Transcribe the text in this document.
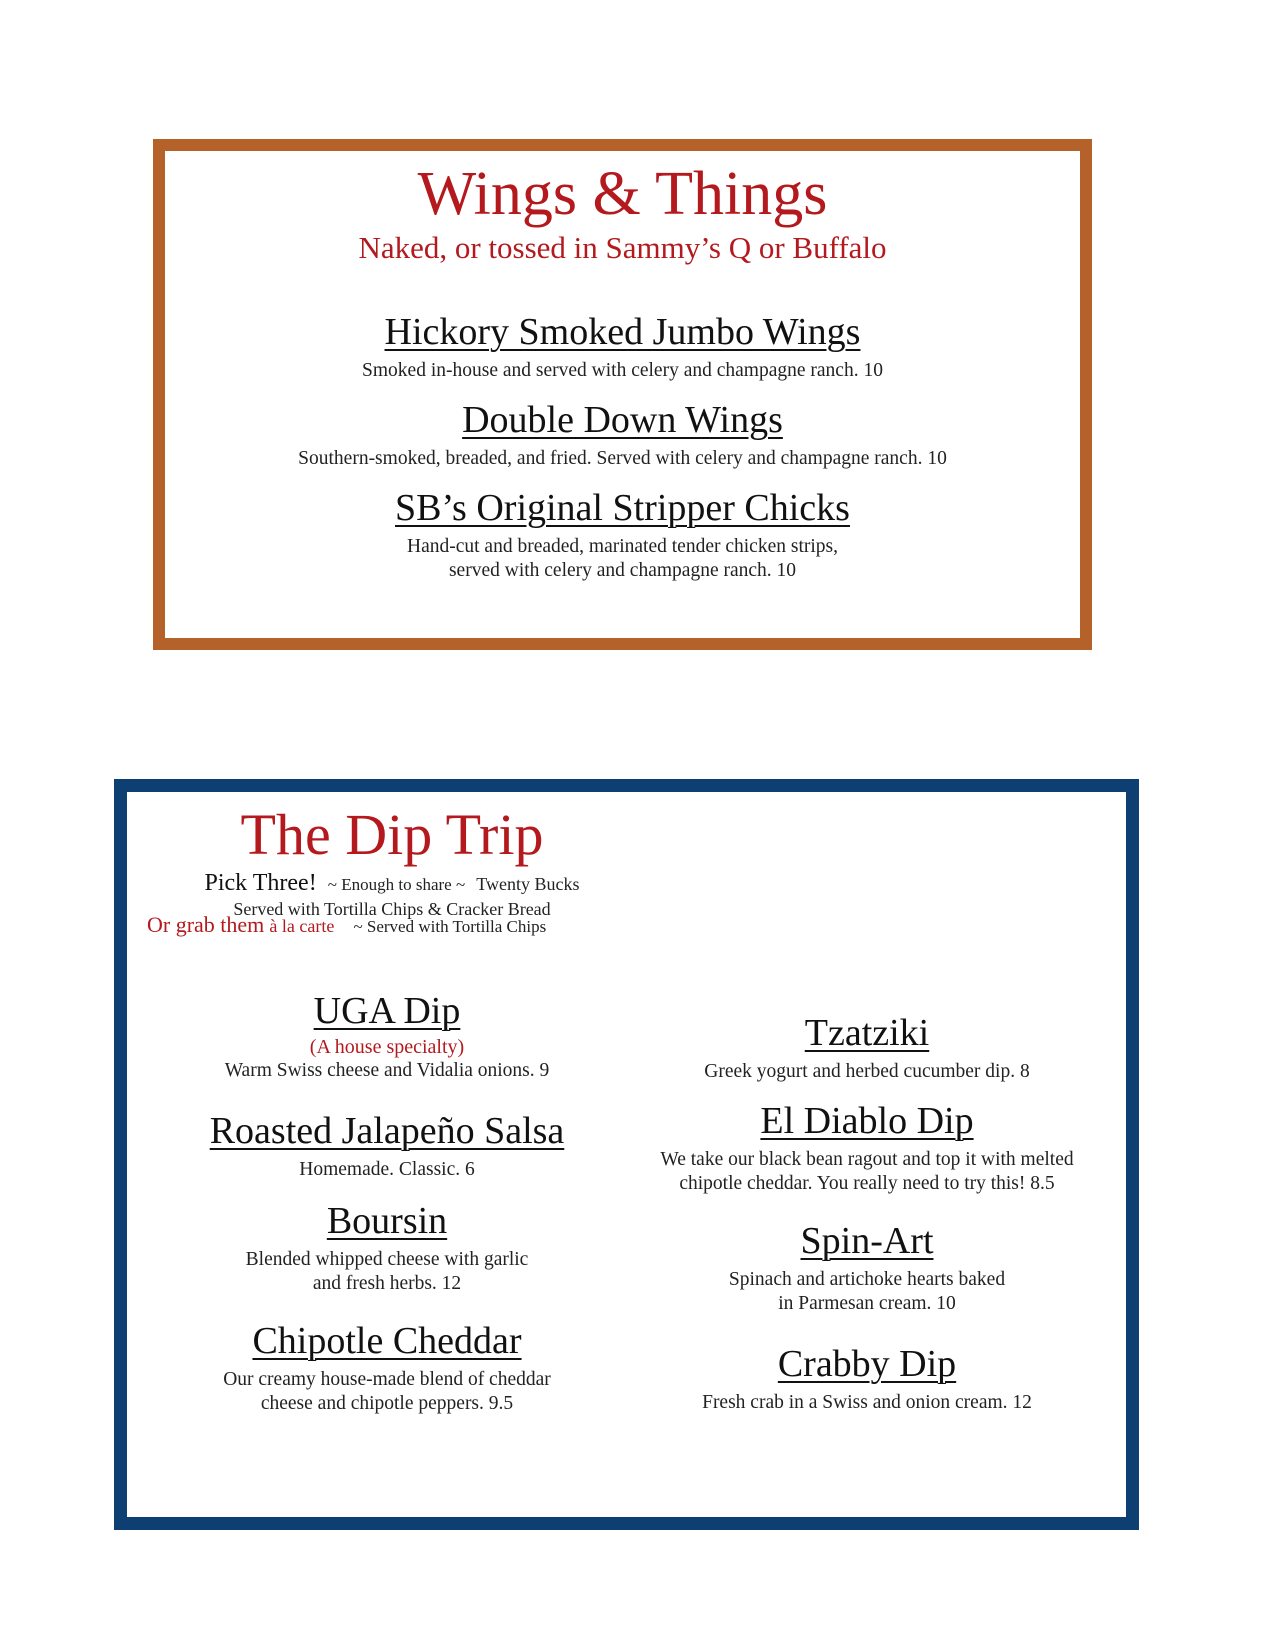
Wings & Things
Naked, or tossed in Sammy’s Q or Buffalo
Hickory Smoked Jumbo Wings
Smoked in-house and served with celery and champagne ranch. 10
Double Down Wings
Southern-smoked, breaded, and fried. Served with celery and champagne ranch. 10
SB’s Original Stripper Chicks
Hand-cut and breaded, marinated tender chicken strips,
served with celery and champagne ranch. 10
The Dip Trip
Pick Three! ~ Enough to share ~ Twenty Bucks
Served with Tortilla Chips & Cracker Bread
Or grab them à la carte ~ Served with Tortilla Chips
UGA Dip
(A house specialty)
Warm Swiss cheese and Vidalia onions. 9
Roasted Jalapeño Salsa
Homemade. Classic. 6
Boursin
Blended whipped cheese with garlic
and fresh herbs. 12
Chipotle Cheddar
Our creamy house-made blend of cheddar
cheese and chipotle peppers. 9.5
Tzatziki
Greek yogurt and herbed cucumber dip. 8
El Diablo Dip
We take our black bean ragout and top it with melted
chipotle cheddar. You really need to try this! 8.5
Spin-Art
Spinach and artichoke hearts baked
in Parmesan cream. 10
Crabby Dip
Fresh crab in a Swiss and onion cream. 12
